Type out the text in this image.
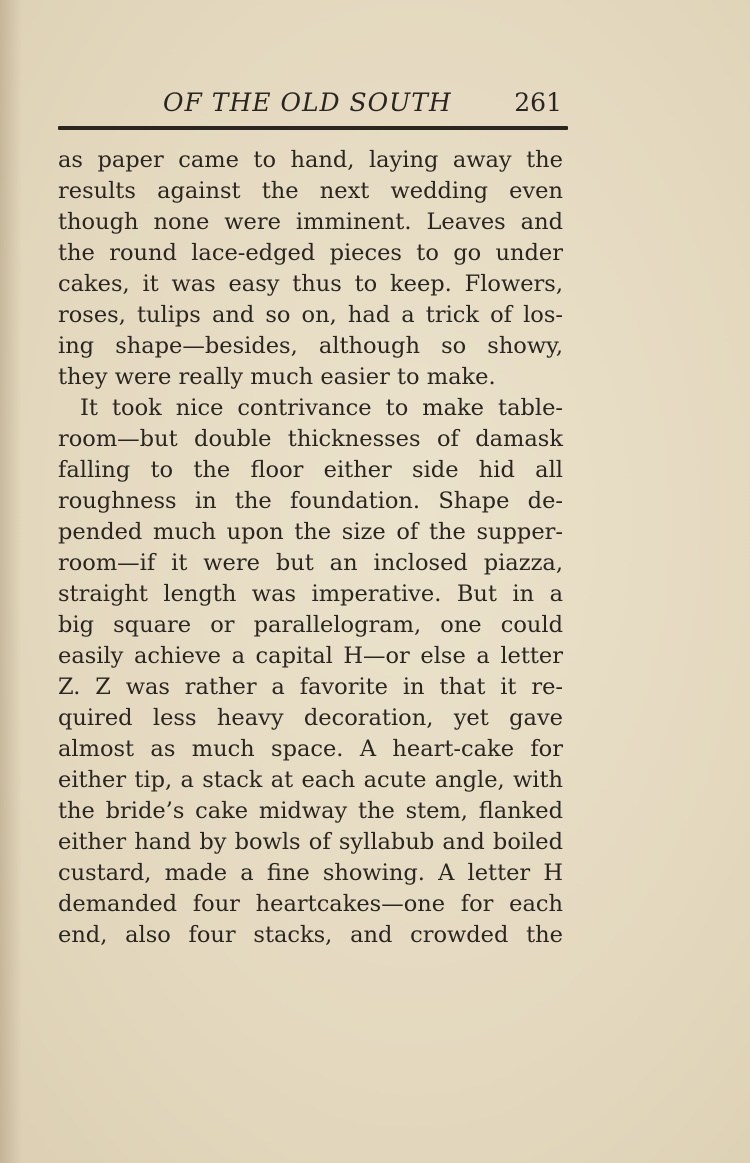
OF THE OLD SOUTH	261
as paper came to hand, laying away the
results against the next wedding even
though none were imminent. Leaves and
the round lace-edged pieces to go under
cakes, it was easy thus to keep. Flowers,
roses, tulips and so on, had a trick of los-
ing shape—besides, although so showy,
they were really much easier to make.
It took nice contrivance to make table-
room—but double thicknesses of damask
falling to the floor either side hid all
roughness in the foundation. Shape de-
pended much upon the size of the supper-
room—if it were but an inclosed piazza,
straight length was imperative. But in a
big square or parallelogram, one could
easily achieve a capital H—or else a letter
Z. Z was rather a favorite in that it re-
quired less heavy decoration, yet gave
almost as much space. A heart-cake for
either tip, a stack at each acute angle, with
the bride’s cake midway the stem, flanked
either hand by bowls of syllabub and boiled
custard, made a fine showing. A letter H
demanded four heartcakes—one for each
end, also four stacks, and crowded the
